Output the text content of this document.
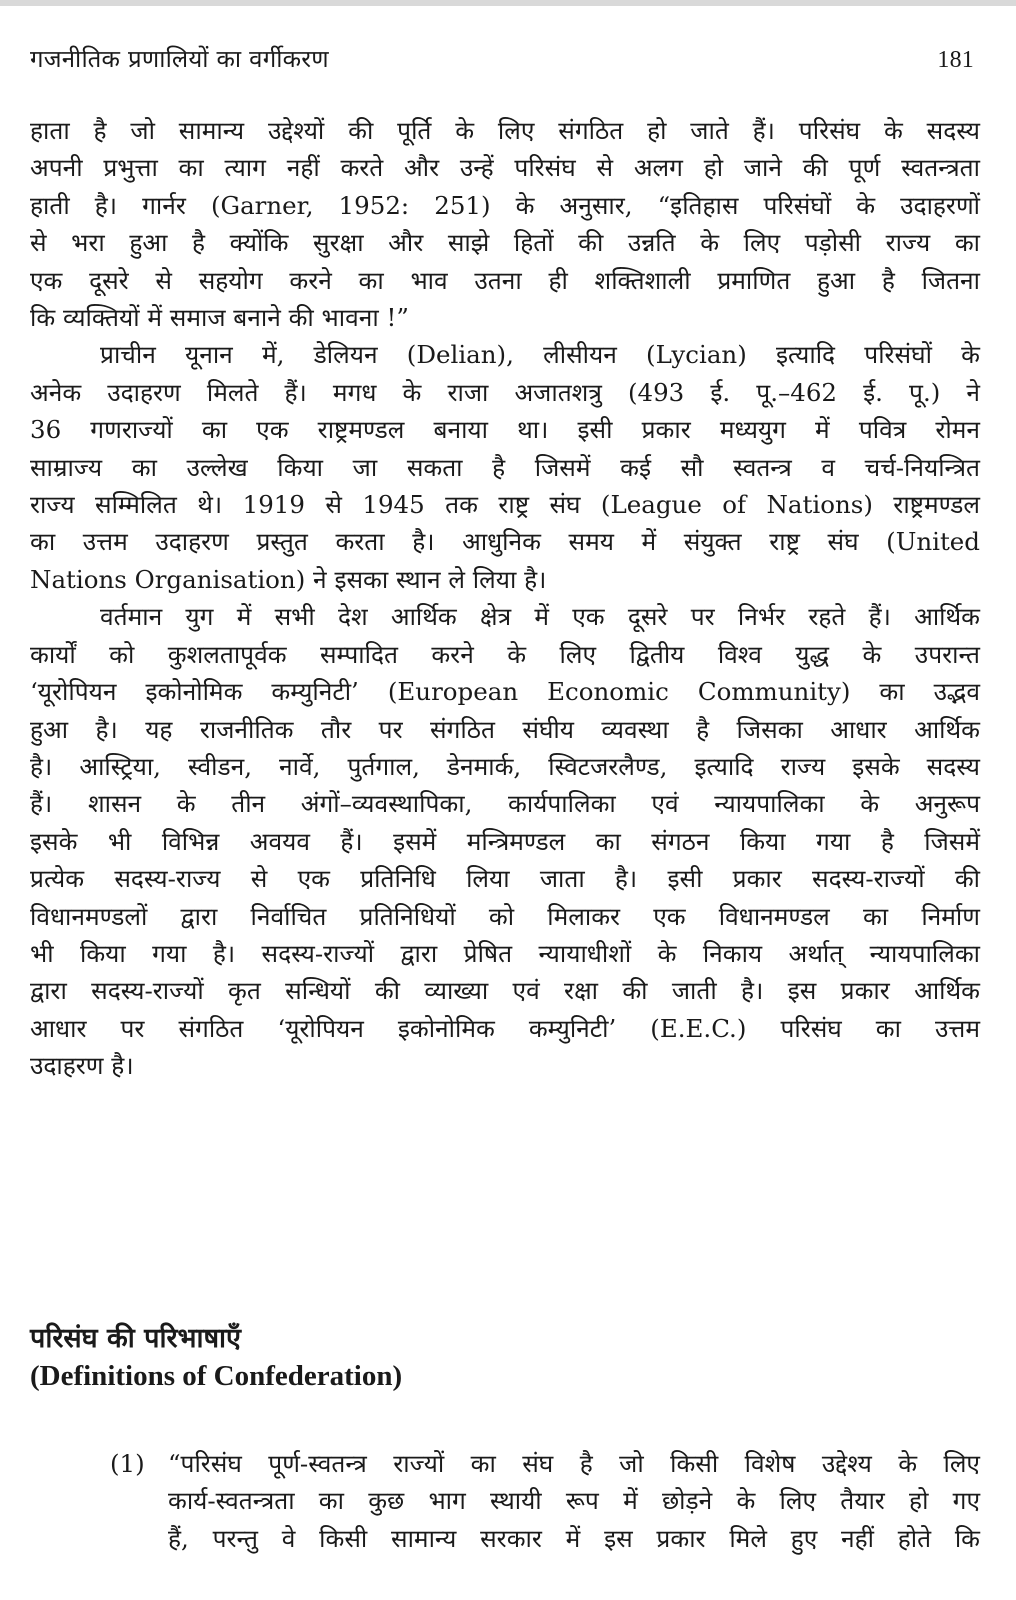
गजनीतिक प्रणालियों का वर्गीकरण	181
हाता है जो सामान्य उद्देश्यों की पूर्ति के लिए संगठित हो जाते हैं। परिसंघ के सदस्य
अपनी प्रभुत्ता का त्याग नहीं करते और उन्हें परिसंघ से अलग हो जाने की पूर्ण स्वतन्त्रता
हाती है। गार्नर (Garner, 1952: 251) के अनुसार, “इतिहास परिसंघों के उदाहरणों
से भरा हुआ है क्योंकि सुरक्षा और साझे हितों की उन्नति के लिए पड़ोसी राज्य का
एक दूसरे से सहयोग करने का भाव उतना ही शक्तिशाली प्रमाणित हुआ है जितना
कि व्यक्तियों में समाज बनाने की भावना !”
प्राचीन यूनान में, डेलियन (Delian), लीसीयन (Lycian) इत्यादि परिसंघों के
अनेक उदाहरण मिलते हैं। मगध के राजा अजातशत्रु (493 ई. पू.–462 ई. पू.) ने
36 गणराज्यों का एक राष्ट्रमण्डल बनाया था। इसी प्रकार मध्ययुग में पवित्र रोमन
साम्राज्य का उल्लेख किया जा सकता है जिसमें कई सौ स्वतन्त्र व चर्च-नियन्त्रित
राज्य सम्मिलित थे। 1919 से 1945 तक राष्ट्र संघ (League of Nations) राष्ट्रमण्डल
का उत्तम उदाहरण प्रस्तुत करता है। आधुनिक समय में संयुक्त राष्ट्र संघ (United
Nations Organisation) ने इसका स्थान ले लिया है।
वर्तमान युग में सभी देश आर्थिक क्षेत्र में एक दूसरे पर निर्भर रहते हैं। आर्थिक
कार्यों को कुशलतापूर्वक सम्पादित करने के लिए द्वितीय विश्व युद्ध के उपरान्त
‘यूरोपियन इकोनोमिक कम्युनिटी’ (European Economic Community) का उद्भव
हुआ है। यह राजनीतिक तौर पर संगठित संघीय व्यवस्था है जिसका आधार आर्थिक
है। आस्ट्रिया, स्वीडन, नार्वे, पुर्तगाल, डेनमार्क, स्विटजरलैण्ड, इत्यादि राज्य इसके सदस्य
हैं। शासन के तीन अंगों–व्यवस्थापिका, कार्यपालिका एवं न्यायपालिका के अनुरूप
इसके भी विभिन्न अवयव हैं। इसमें मन्त्रिमण्डल का संगठन किया गया है जिसमें
प्रत्येक सदस्य-राज्य से एक प्रतिनिधि लिया जाता है। इसी प्रकार सदस्य-राज्यों की
विधानमण्डलों द्वारा निर्वाचित प्रतिनिधियों को मिलाकर एक विधानमण्डल का निर्माण
भी किया गया है। सदस्य-राज्यों द्वारा प्रेषित न्यायाधीशों के निकाय अर्थात् न्यायपालिका
द्वारा सदस्य-राज्यों कृत सन्धियों की व्याख्या एवं रक्षा की जाती है। इस प्रकार आर्थिक
आधार पर संगठित ‘यूरोपियन इकोनोमिक कम्युनिटी’ (E.E.C.) परिसंघ का उत्तम
उदाहरण है।
परिसंघ की परिभाषाएँ
(Definitions of Confederation)
(1) “परिसंघ पूर्ण-स्वतन्त्र राज्यों का संघ है जो किसी विशेष उद्देश्य के लिए
कार्य-स्वतन्त्रता का कुछ भाग स्थायी रूप में छोड़ने के लिए तैयार हो गए
हैं, परन्तु वे किसी सामान्य सरकार में इस प्रकार मिले हुए नहीं होते कि
